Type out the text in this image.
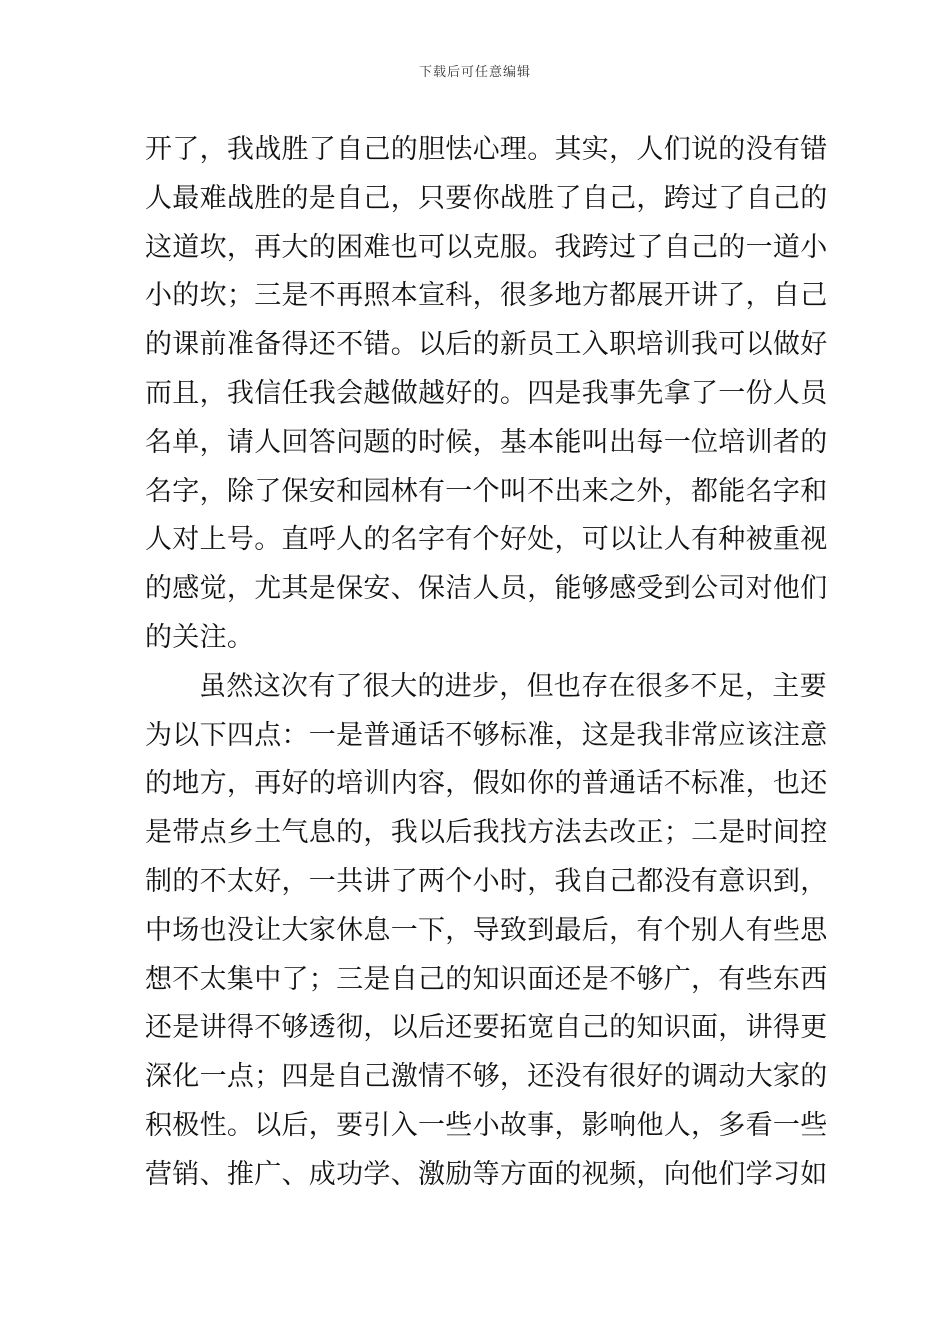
下载后可任意编辑
开了，我战胜了自己的胆怯心理。其实，人们说的没有错
人最难战胜的是自己，只要你战胜了自己，跨过了自己的
这道坎，再大的困难也可以克服。我跨过了自己的一道小
小的坎；三是不再照本宣科，很多地方都展开讲了，自己
的课前准备得还不错。以后的新员工入职培训我可以做好
而且，我信任我会越做越好的。四是我事先拿了一份人员
名单，请人回答问题的时候，基本能叫出每一位培训者的
名字，除了保安和园林有一个叫不出来之外，都能名字和
人对上号。直呼人的名字有个好处，可以让人有种被重视
的感觉，尤其是保安、保洁人员，能够感受到公司对他们
的关注。
虽然这次有了很大的进步，但也存在很多不足，主要
为以下四点：一是普通话不够标准，这是我非常应该注意
的地方，再好的培训内容，假如你的普通话不标准，也还
是带点乡土气息的，我以后我找方法去改正；二是时间控
制的不太好，一共讲了两个小时，我自己都没有意识到，
中场也没让大家休息一下，导致到最后，有个别人有些思
想不太集中了；三是自己的知识面还是不够广，有些东西
还是讲得不够透彻，以后还要拓宽自己的知识面，讲得更
深化一点；四是自己激情不够，还没有很好的调动大家的
积极性。以后，要引入一些小故事，影响他人，多看一些
营销、推广、成功学、激励等方面的视频，向他们学习如
